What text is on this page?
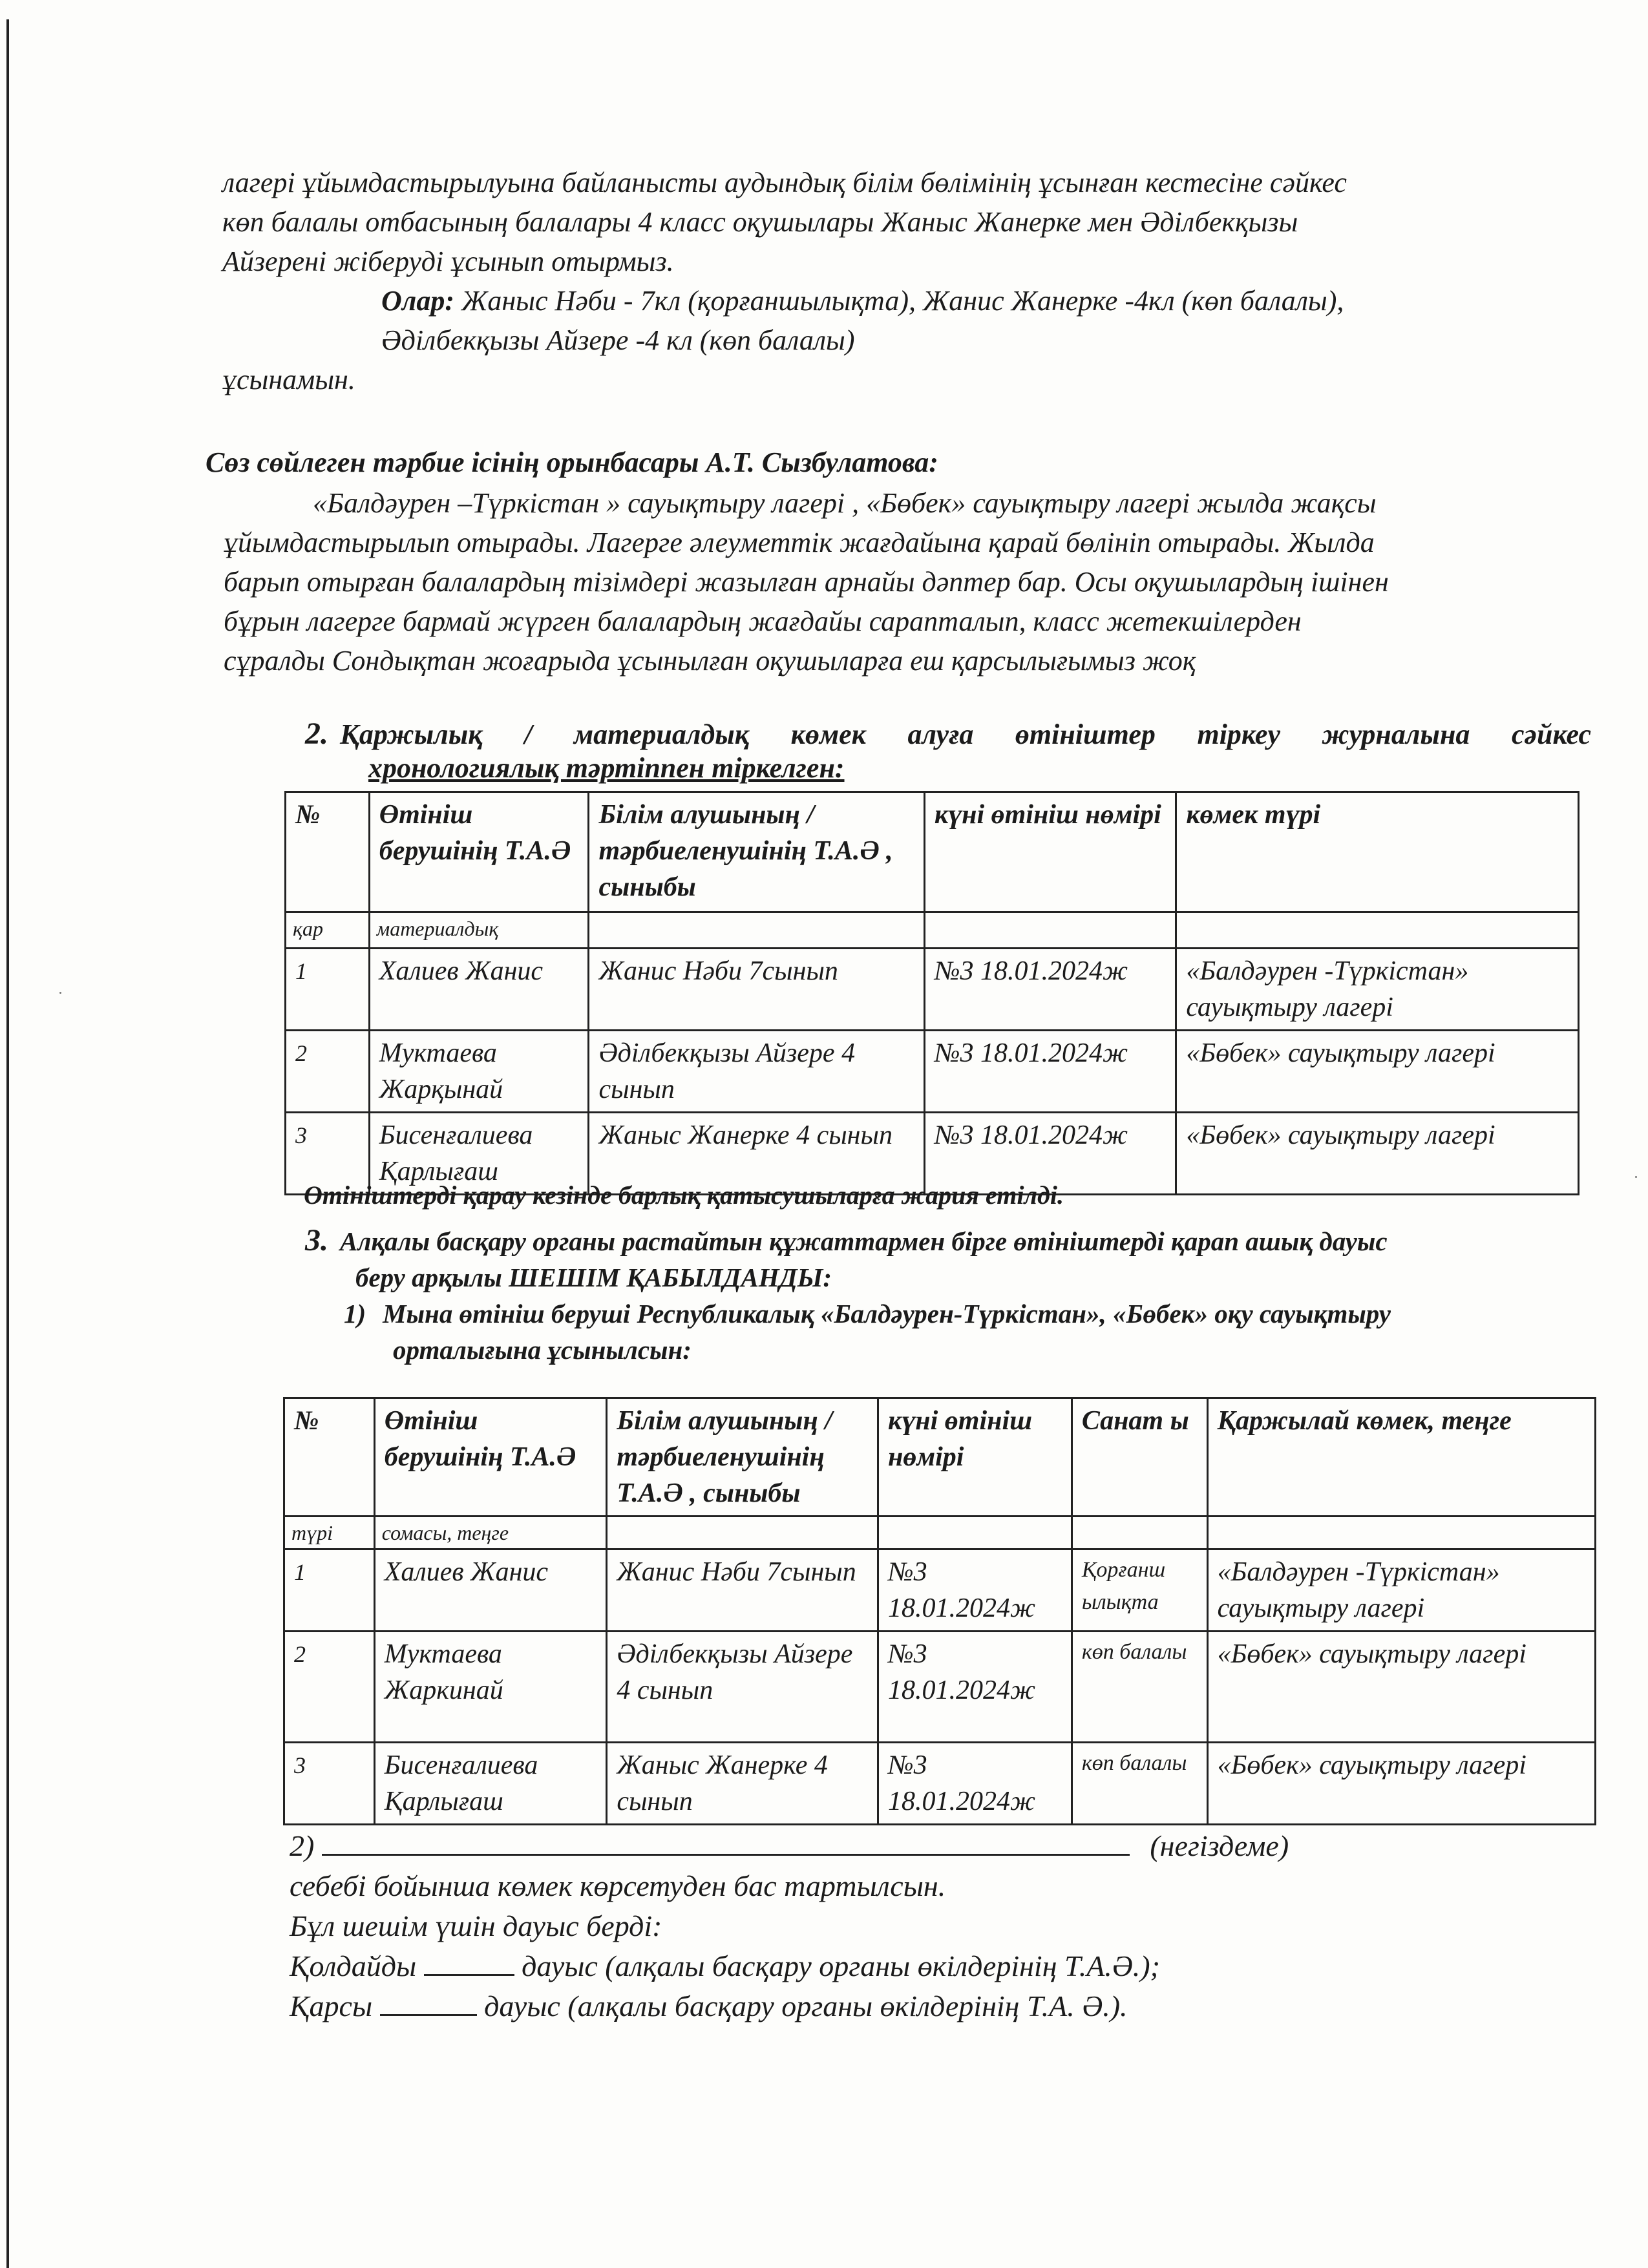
лагері ұйымдастырылуына байланысты аудындық білім бөлімінің ұсынған кестесіне сәйкес

көп балалы отбасының балалары 4 класс оқушылары Жаныс Жанерке мен Әділбекқызы

Айзерені жіберуді ұсынып отырмыз.

Олар: Жаныс Нәби - 7кл (қорғаншылықта), Жанис Жанерке -4кл (көп балалы),

Әділбекқызы Айзере -4 кл (көп балалы)

ұсынамын.

Сөз сөйлеген тәрбие ісінің орынбасары А.Т. Сызбулатова:

«Балдәурен –Түркістан » сауықтыру лагері , «Бөбек» сауықтыру лагері жылда жақсы

ұйымдастырылып отырады. Лагерге әлеуметтік жағдайына қарай бөлініп отырады. Жылда

барып отырған балалардың тізімдері жазылған арнайы дәптер бар. Осы оқушылардың ішінен

бұрын лагерге бармай жүрген балалардың жағдайы сарапталып, класс жетекшілерден

сұралды Сондықтан жоғарыда ұсынылған оқушыларға еш қарсылығымыз жоқ

2. Қаржылық / материалдық көмек алуға өтініштер тіркеу журналына сәйкес
хронологиялық тәртіппен тіркелген:
№	Өтініш берушінің Т.А.Ә	Білім алушының /тәрбиеленушінің Т.А.Ә , сыныбы	күні өтініш нөмірі	көмек түрі
қар	материалдық			
1	Халиев Жанис	Жанис Нәби 7сынып	№3 18.01.2024ж	«Балдәурен -Түркістан» сауықтыру лагері
2	Муктаева Жарқынай	Әділбекқызы Айзере 4 сынып	№3 18.01.2024ж	«Бөбек» сауықтыру лагері
3	Бисенғалиева Қарлығаш	Жаныс Жанерке 4 сынып	№3 18.01.2024ж	«Бөбек» сауықтыру лагері
Өтініштерді қарау кезінде барлық қатысушыларға жария етілді.
3. Алқалы басқару органы растайтын құжаттармен бірге өтініштерді қарап ашық дауыс
беру арқылы ШЕШІМ ҚАБЫЛДАНДЫ:
1) Мына өтініш беруші Республикалық «Балдәурен-Түркістан», «Бөбек» оқу сауықтыру
орталығына ұсынылсын:
№	Өтініш берушінің Т.А.Ә	Білім алушының /тәрбиеленушінің Т.А.Ә , сыныбы	күні өтініш нөмірі	Санат ы	Қаржылай көмек, теңге
түрі	сомасы, теңге				
1	Халиев Жанис	Жанис Нәби 7сынып	№3 18.01.2024ж	Қорғанш ылықта	«Балдәурен -Түркістан» сауықтыру лагері
2	Муктаева Жаркинай	Әділбекқызы Айзере 4 сынып	№3 18.01.2024ж	көп балалы	«Бөбек» сауықтыру лагері
3	Бисенғалиева Қарлығаш	Жаныс Жанерке 4 сынып	№3 18.01.2024ж	көп балалы	«Бөбек» сауықтыру лагері

2)	(негіздеме)

себебі бойынша көмек көрсетуден бас тартылсын.

Бұл шешім үшін дауыс берді:

Қолдайды	дауыс (алқалы басқару органы өкілдерінің Т.А.Ә.);

Қарсы	дауыс (алқалы басқару органы өкілдерінің Т.А. Ә.).
